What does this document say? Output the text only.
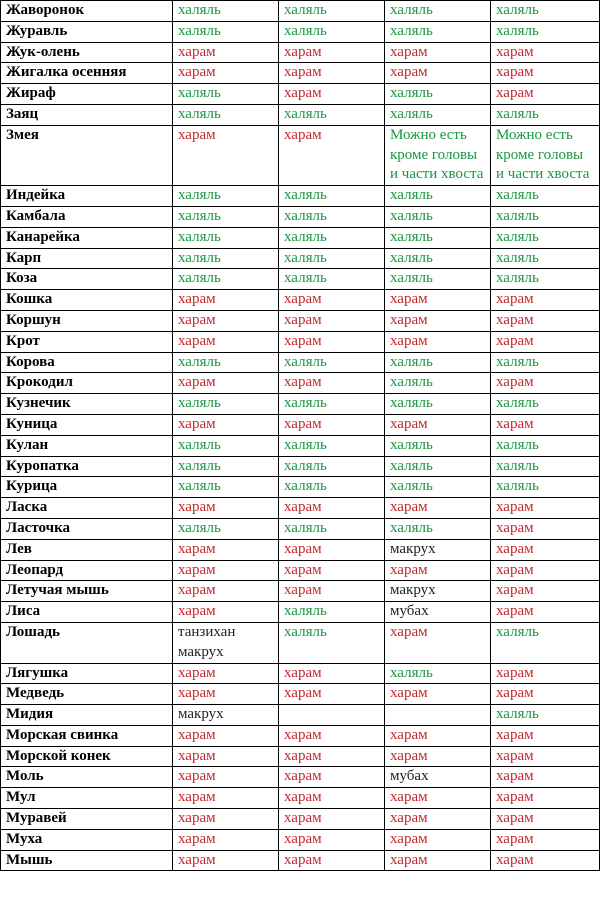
Жаворонок	халяль	халяль	халяль	халяль
Журавль	халяль	халяль	халяль	халяль
Жук-олень	харам	харам	харам	харам
Жигалка осенняя	харам	харам	харам	харам
Жираф	халяль	харам	халяль	харам
Заяц	халяль	халяль	халяль	халяль
Змея	харам	харам	Можно есть кроме головы и части хвоста	Можно есть кроме головы и части хвоста
Индейка	халяль	халяль	халяль	халяль
Камбала	халяль	халяль	халяль	халяль
Канарейка	халяль	халяль	халяль	халяль
Карп	халяль	халяль	халяль	халяль
Коза	халяль	халяль	халяль	халяль
Кошка	харам	харам	харам	харам
Коршун	харам	харам	харам	харам
Крот	харам	харам	харам	харам
Корова	халяль	халяль	халяль	халяль
Крокодил	харам	харам	халяль	харам
Кузнечик	халяль	халяль	халяль	халяль
Куница	харам	харам	харам	харам
Кулан	халяль	халяль	халяль	халяль
Куропатка	халяль	халяль	халяль	халяль
Курица	халяль	халяль	халяль	халяль
Ласка	харам	харам	харам	харам
Ласточка	халяль	халяль	халяль	харам
Лев	харам	харам	макрух	харам
Леопард	харам	харам	харам	харам
Летучая мышь	харам	харам	макрух	харам
Лиса	харам	халяль	мубах	харам
Лошадь	танзихан макрух	халяль	харам	халяль
Лягушка	харам	харам	халяль	харам
Медведь	харам	харам	харам	харам
Мидия	макрух			халяль
Морская свинка	харам	харам	харам	харам
Морской конек	харам	харам	харам	харам
Моль	харам	харам	мубах	харам
Мул	харам	харам	харам	харам
Муравей	харам	харам	харам	харам
Муха	харам	харам	харам	харам
Мышь	харам	харам	харам	харам
